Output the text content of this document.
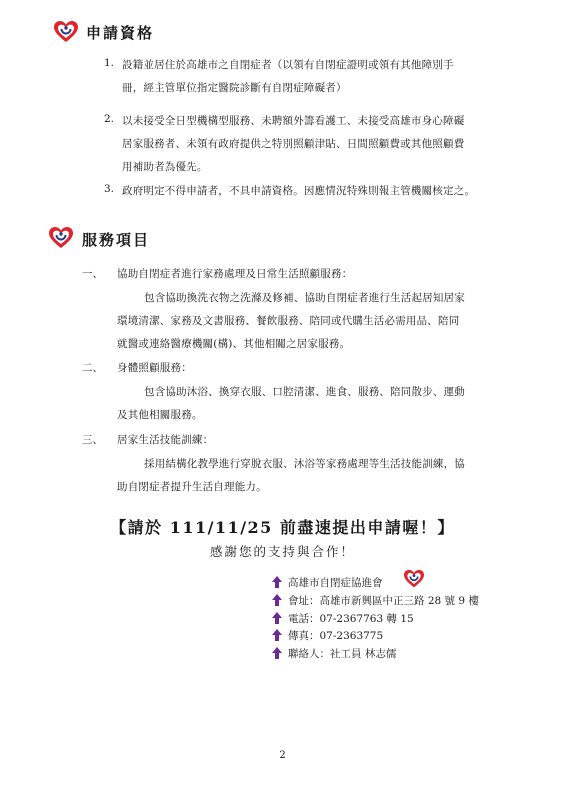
申請資格
1. 設籍並居住於高雄市之自閉症者（以領有自閉症證明或領有其他障別手
冊，經主管單位指定醫院診斷有自閉症障礙者）
2. 以未接受全日型機構型服務、未聘額外籌看護工、未接受高雄市身心障礙
居家服務者、未領有政府提供之特別照顧津貼、日間照顧費或其他照顧費
用補助者為優先。
3. 政府明定不得申請者，不具申請資格。因應情況特殊則報主管機關核定之。
服務項目
一、 協助自閉症者進行家務處理及日常生活照顧服務：
包含協助換洗衣物之洗滌及修補、協助自閉症者進行生活起居知居家
環境清潔、家務及文書服務、餐飲服務、陪同或代購生活必需用品、陪同
就醫或連絡醫療機關(構)、其他相關之居家服務。
二、 身體照顧服務：
包含協助沐浴、換穿衣服、口腔清潔、進食、服務、陪同散步、運動
及其他相關服務。
三、 居家生活技能訓練：
採用結構化教學進行穿脫衣服、沐浴等家務處理等生活技能訓練，協
助自閉症者提升生活自理能力。
【請於 111/11/25 前盡速提出申請喔！】
感謝您的支持與合作！
高雄市自閉症協進會
會址：高雄市新興區中正三路 28 號 9 樓
電話：07-2367763 轉 15
傳真：07-2363775
聯絡人：社工員 林志儒
2
